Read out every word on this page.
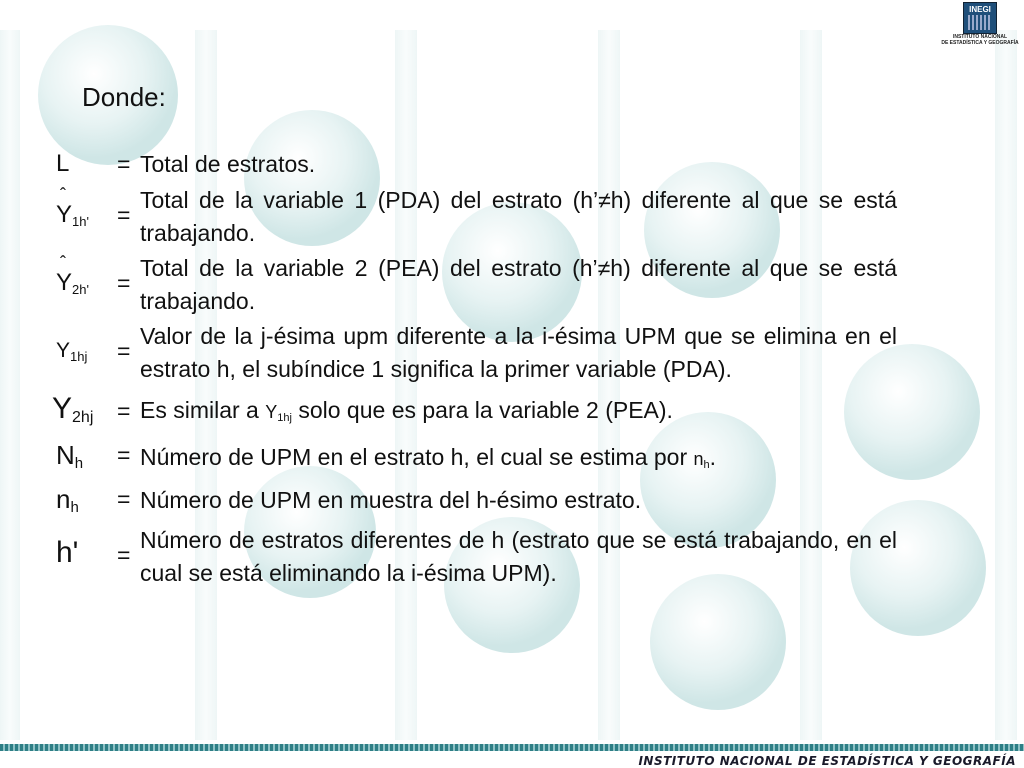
INEGI
INSTITUTO NACIONAL
DE ESTADÍSTICA Y GEOGRAFÍA
Donde:
L = Total de estratos.
ˆ
$Y_{1h'}$ =
Total de la variable 1 (PDA) del estrato (h’≠h) diferente al que se está trabajando.
ˆ
$Y_{2h'}$ =
Total de la variable 2 (PEA) del estrato (h’≠h) diferente al que se está trabajando.
$Y_{1hj}$ =
Valor de la j-ésima upm diferente a la i-ésima UPM que se elimina en el estrato h, el subíndice 1 significa la primer variable (PDA).
$Y_{2hj} = Es$ similar a $Y_{1hj}$ solo que es para la variable 2 (PEA).
$N_h$ = Número de UPM en el estrato h, el cual se estima por $n_h$.
$n_h$ = Número de UPM en muestra del h-ésimo estrato.
h' =
Número de estratos diferentes de h (estrato que se está trabajando, en el cual se está eliminando la i-ésima UPM).
INSTITUTO NACIONAL DE ESTADÍSTICA Y GEOGRAFÍA
